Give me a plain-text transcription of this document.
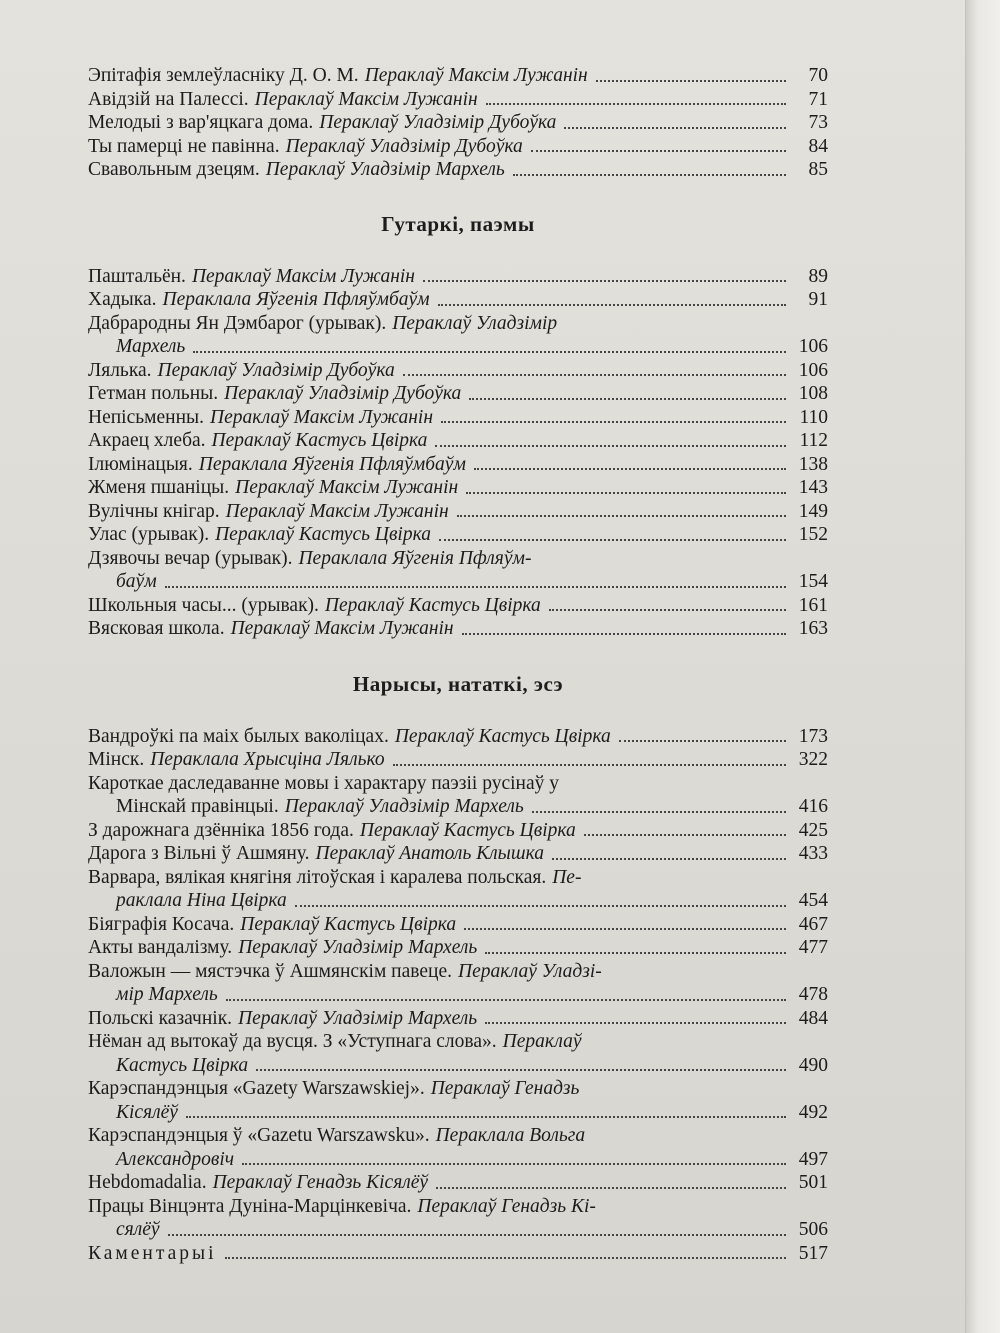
Эпітафія землеўласніку Д. О. М. Пераклаў Максім Лужанін	70
Авідзій на Палессі. Пераклаў Максім Лужанін	71
Мелодыі з вар'яцкага дома. Пераклаў Уладзімір Дубоўка	73
Ты памерці не павінна. Пераклаў Уладзімір Дубоўка	84
Свавольным дзецям. Пераклаў Уладзімір Мархель	85
Гутаркі, паэмы
Паштальён. Пераклаў Максім Лужанін	89
Хадыка. Пераклала Яўгенія Пфляўмбаўм	91
Дабрародны Ян Дэмбарог (урывак). Пераклаў Уладзімір
Мархель	106
Лялька. Пераклаў Уладзімір Дубоўка	106
Гетман польны. Пераклаў Уладзімір Дубоўка	108
Непісьменны. Пераклаў Максім Лужанін	110
Акраец хлеба. Пераклаў Кастусь Цвірка	112
Ілюмінацыя. Пераклала Яўгенія Пфляўмбаўм	138
Жменя пшаніцы. Пераклаў Максім Лужанін	143
Вулічны кнігар. Пераклаў Максім Лужанін	149
Улас (урывак). Пераклаў Кастусь Цвірка	152
Дзявочы вечар (урывак). Пераклала Яўгенія Пфляўм-
баўм	154
Школьныя часы... (урывак). Пераклаў Кастусь Цвірка	161
Вясковая школа. Пераклаў Максім Лужанін	163
Нарысы, нататкі, эсэ
Вандроўкі па маіх былых ваколіцах. Пераклаў Кастусь Цвірка	173
Мінск. Пераклала Хрысціна Лялько	322
Кароткае даследаванне мовы і характару паэзіі русінаў у
Мінскай правінцыі. Пераклаў Уладзімір Мархель	416
З дарожнага дзённіка 1856 года. Пераклаў Кастусь Цвірка	425
Дарога з Вільні ў Ашмяну. Пераклаў Анатоль Клышка	433
Варвара, вялікая княгіня літоўская і каралева польская. Пе-
раклала Ніна Цвірка	454
Біяграфія Косача. Пераклаў Кастусь Цвірка	467
Акты вандалізму. Пераклаў Уладзімір Мархель	477
Валожын — мястэчка ў Ашмянскім павеце. Пераклаў Уладзі-
мір Мархель	478
Польскі казачнік. Пераклаў Уладзімір Мархель	484
Нёман ад вытокаў да вусця. З «Уступнага слова». Пераклаў
Кастусь Цвірка	490
Карэспандэнцыя «Gazety Warszawskiej». Пераклаў Генадзь
Кісялёў	492
Карэспандэнцыя ў «Gazetu Warszawsku». Пераклала Вольга
Александровіч	497
Hebdomadalia. Пераклаў Генадзь Кісялёў	501
Працы Вінцэнта Дуніна-Марцінкевіча. Пераклаў Генадзь Кі-
сялёў	506
Каментарыі	517
